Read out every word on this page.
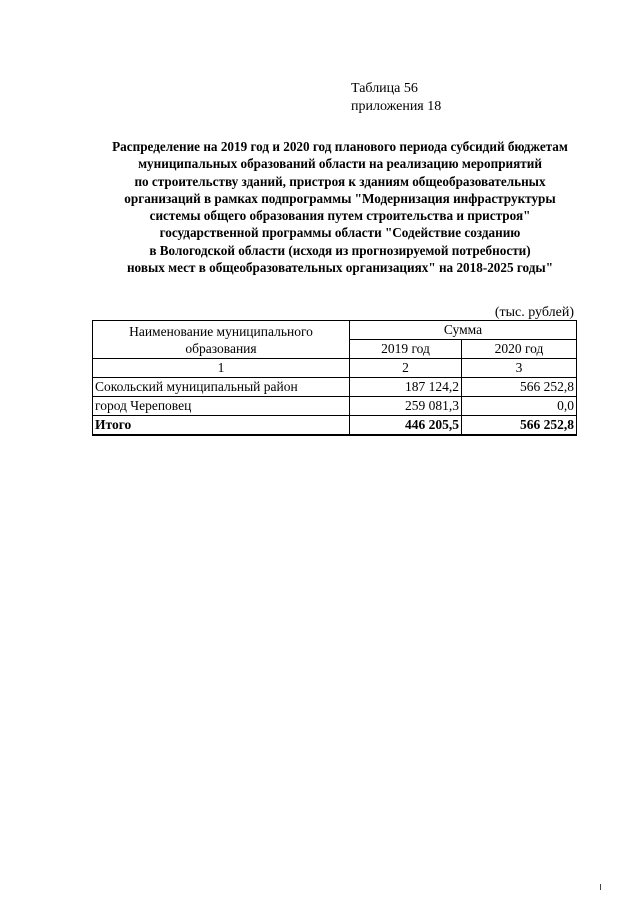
Таблица 56
приложения 18
Распределение на 2019 год и 2020 год планового периода субсидий бюджетам
муниципальных образований области на реализацию мероприятий
по строительству зданий, пристроя к зданиям общеобразовательных
организаций в рамках подпрограммы "Модернизация инфраструктуры
системы общего образования путем строительства и пристроя"
государственной программы области "Содействие созданию
в Вологодской области (исходя из прогнозируемой потребности)
новых мест в общеобразовательных организациях" на 2018-2025 годы"
(тыс. рублей)
Наименование муниципального образования	Сумма	
	2019 год	2020 год
1	2	3
Сокольский муниципальный район	187 124,2	566 252,8
город Череповец	259 081,3	0,0
Итого	446 205,5	566 252,8
